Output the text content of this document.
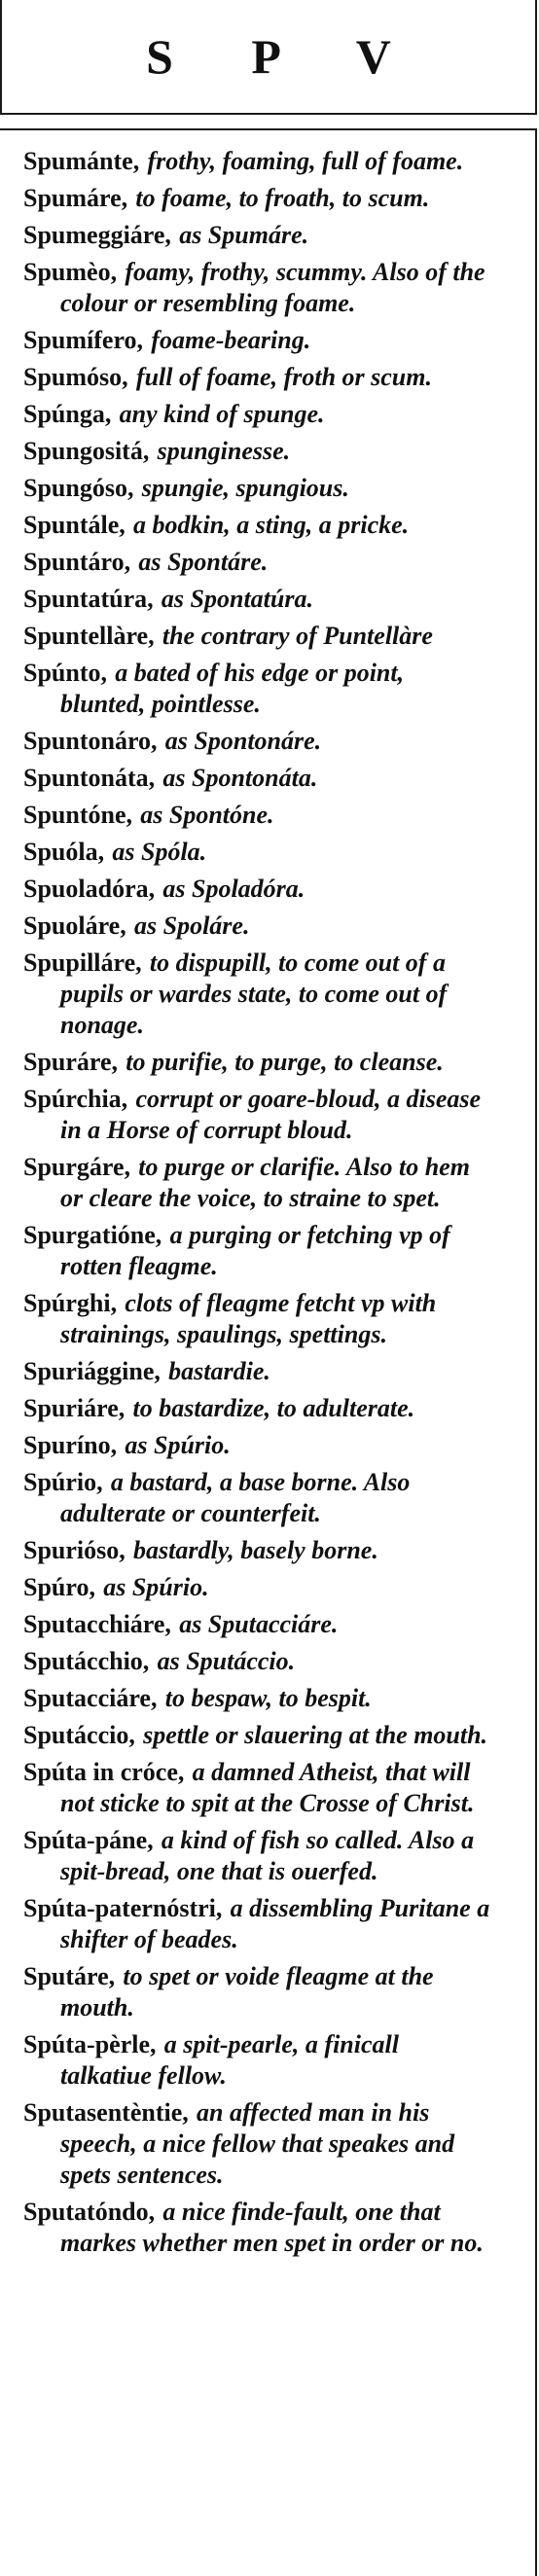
S P V
Spumánte, frothy, foaming, full of foame.
Spumáre, to foame, to froath, to scum.
Spumeggiáre, as Spumáre.
Spumèo, foamy, frothy, scummy. Also of the colour or resembling foame.
Spumífero, foame-bearing.
Spumóso, full of foame, froth or scum.
Spúnga, any kind of spunge.
Spungositá, spunginesse.
Spungóso, spungie, spungious.
Spuntále, a bodkin, a sting, a pricke.
Spuntáro, as Spontáre.
Spuntatúra, as Spontatúra.
Spuntellàre, the contrary of Puntellàre
Spúnto, a bated of his edge or point, blunted, pointlesse.
Spuntonáro, as Spontonáre.
Spuntonáta, as Spontonáta.
Spuntóne, as Spontóne.
Spuóla, as Spóla.
Spuoladóra, as Spoladóra.
Spuoláre, as Spoláre.
Spupilláre, to dispupill, to come out of a pupils or wardes state, to come out of nonage.
Spuráre, to purifie, to purge, to cleanse.
Spúrchia, corrupt or goare-bloud, a disease in a Horse of corrupt bloud.
Spurgáre, to purge or clarifie. Also to hem or cleare the voice, to straine to spet.
Spurgatióne, a purging or fetching vp of rotten fleagme.
Spúrghi, clots of fleagme fetcht vp with strainings, spaulings, spettings.
Spuriággine, bastardie.
Spuriáre, to bastardize, to adulterate.
Spuríno, as Spúrio.
Spúrio, a bastard, a base borne. Also adulterate or counterfeit.
Spurióso, bastardly, basely borne.
Spúro, as Spúrio.
Sputacchiáre, as Sputacciáre.
Sputácchio, as Sputáccio.
Sputacciáre, to bespaw, to bespit.
Sputáccio, spettle or slauering at the mouth.
Spúta in cróce, a damned Atheist, that will not sticke to spit at the Crosse of Christ.
Spúta-páne, a kind of fish so called. Also a spit-bread, one that is ouerfed.
Spúta-paternóstri, a dissembling Puritane a shifter of beades.
Sputáre, to spet or voide fleagme at the mouth.
Spúta-pèrle, a spit-pearle, a finicall talkatiue fellow.
Sputasentèntie, an affected man in his speech, a nice fellow that speakes and spets sentences.
Sputatóndo, a nice finde-fault, one that markes whether men spet in order or no.
